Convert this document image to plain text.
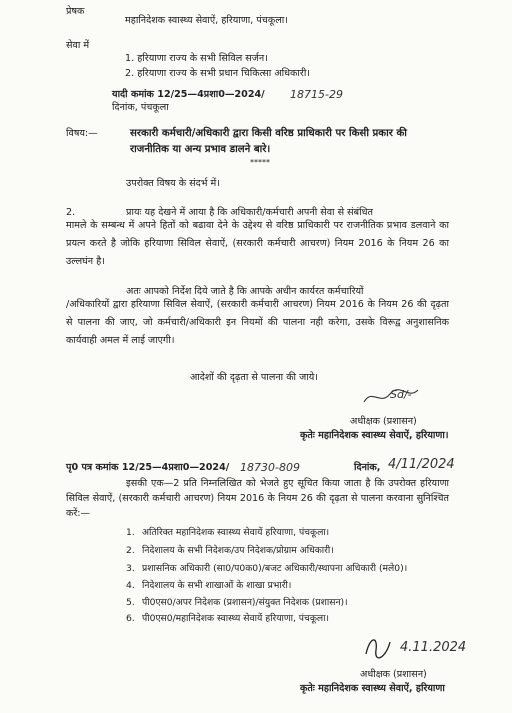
प्रेषक
महानिदेशक स्वास्थ्य सेवाऐं, हरियाणा, पंचकूला।
सेवा में
1. हरियाणा राज्य के सभी सिविल सर्जन।
2. हरियाणा राज्य के सभी प्रधान चिकित्सा अधिकारी।
यादी कमांक 12/25—4प्रशा0—2024/ 18715-29
दिनांक, पंचकूला
विषय:—	सरकारी कर्मचारी/अधिकारी द्वारा किसी वरिष्ठ प्राधिकारी पर किसी प्रकार की
राजनीतिक या अन्य प्रभाव डालने बारे।
*****
उपरोक्त विषय के संदर्भ में।
2.	प्रायः यह देखने में आया है कि अधिकारी/कर्मचारी अपनी सेवा से संबंधित
मामले के सम्बन्ध में अपने हितों को बढावा देने के उद्देश्य से वरिष्ठ प्राधिकारी पर राजनीतिक प्रभाव डलवाने का प्रयत्न करते है जोकि हरियाणा सिविल सेवाऐं, (सरकारी कर्मचारी आचरण) नियम 2016 के नियम 26 का उल्लघंन है।
अतः आपको निर्देश दिये जाते है कि आपके अधीन कार्यरत कर्मचारियों
/अधिकारियों द्वारा हरियाणा सिविल सेवाऐं, (सरकारी कर्मचारी आचरण) नियम 2016 के नियम 26 की दृढ़ता से पालना की जाए, जो कर्मचारी/अधिकारी इन नियमों की पालना नही करेगा, उसके विरूद्व अनुशासनिक कार्यवाही अमल में लाई जाएगी।
आदेशों की दृढ़ता से पालना की जाये।
Sd/-
अधीक्षक (प्रशासन)
कृतेः महानिदेशक स्वास्थ्य सेवाऐं, हरियाणा।
पृ0 पत्र कमांक 12/25—4प्रशा0—2024/ 18730-809	दिनांक, 4/11/2024
इसकी एक—2 प्रति निम्नलिखित को भेजते हुए सूचित किया जाता है कि उपरोक्त हरियाणा सिविल सेवाऐं, (सरकारी कर्मचारी आचरण) नियम 2016 के नियम 26 की दृढ़ता से पालना करवाना सुनिश्चित करें:—
1. अतिरिक्त महानिदेशक स्वास्थ्य सेवायें हरियाणा, पंचकूला।
2. निदेशालय के सभी निदेशक/उप निदेशक/प्रोग्राम अधिकारी।
3. प्रशासनिक अधिकारी (सा0/प0क0)/बजट अधिकारी/स्थापना अधिकारी (मले0)।
4. निदेशालय के सभी शाखाओं के शाखा प्रभारी।
5. पी0एस0/अपर निदेशक (प्रशासन)/संयुक्त निदेशक (प्रशासन)।
6. पी0एस0/महानिदेशक स्वास्थ्य सेवायें हरियाणा, पंचकूला।
4.11.2024
अधीक्षक (प्रशासन)
कृतेः महानिदेशक स्वास्थ्य सेवाऐं, हरियाणा
